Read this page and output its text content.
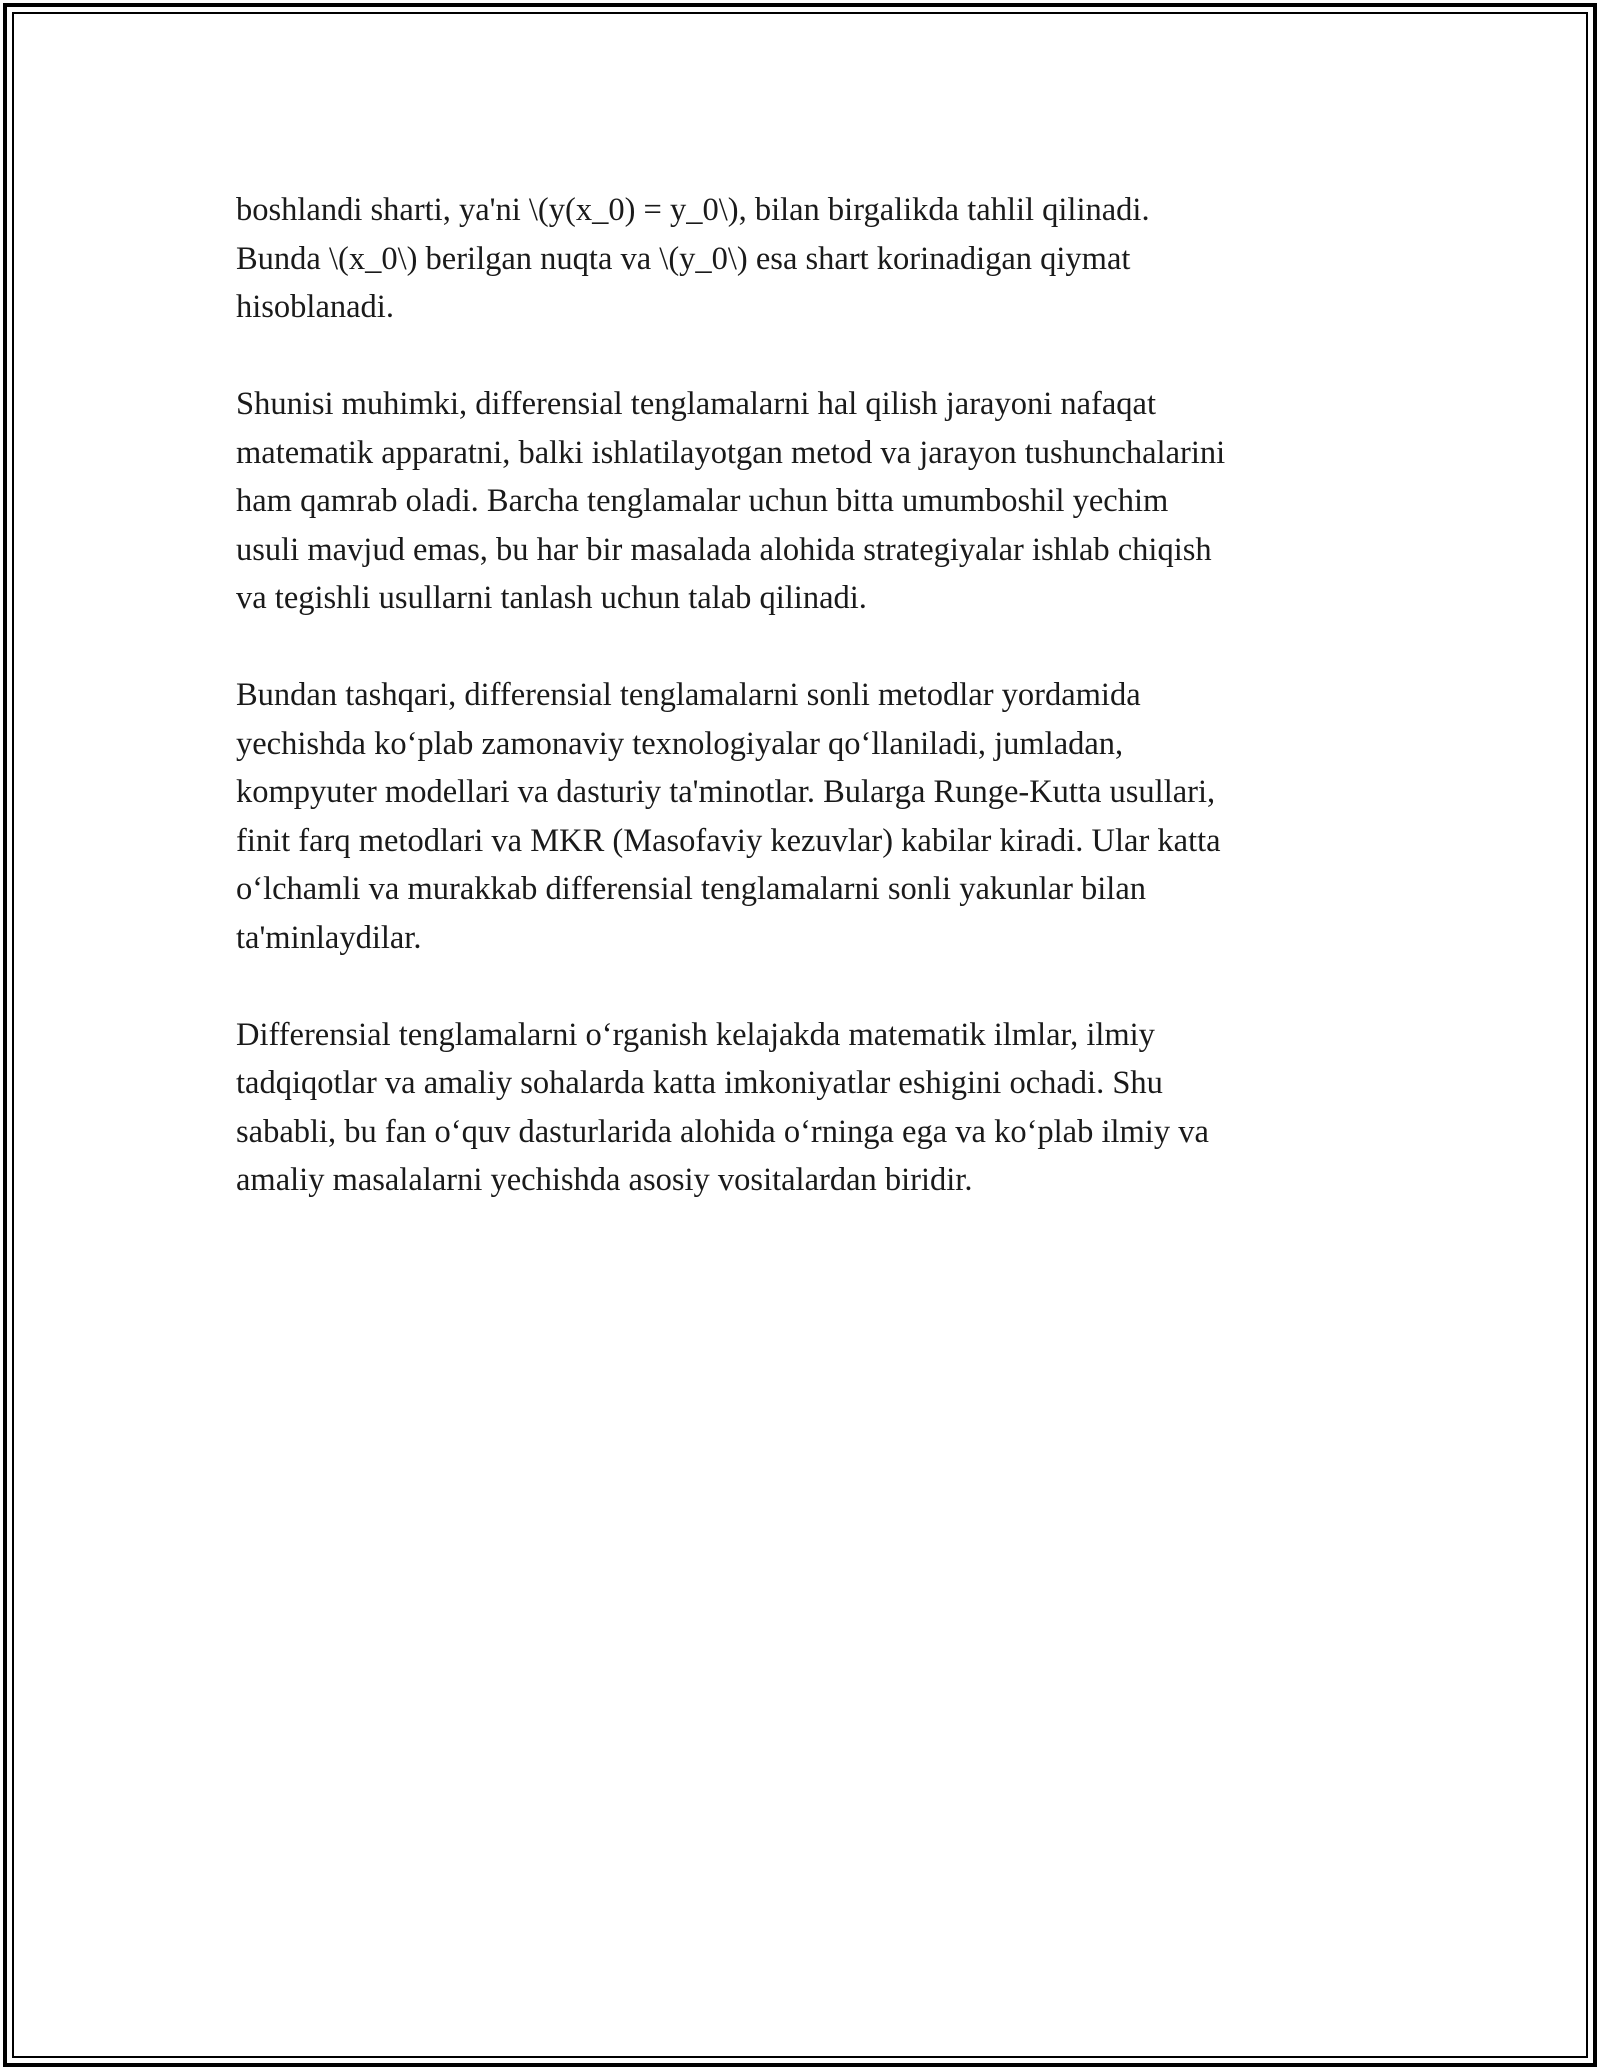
boshlandi sharti, ya'ni \(y(x_0) = y_0\), bilan birgalikda tahlil qilinadi.
Bunda \(x_0\) berilgan nuqta va \(y_0\) esa shart korinadigan qiymat
hisoblanadi.

Shunisi muhimki, differensial tenglamalarni hal qilish jarayoni nafaqat
matematik apparatni, balki ishlatilayotgan metod va jarayon tushunchalarini
ham qamrab oladi. Barcha tenglamalar uchun bitta umumboshil yechim
usuli mavjud emas, bu har bir masalada alohida strategiyalar ishlab chiqish
va tegishli usullarni tanlash uchun talab qilinadi.

Bundan tashqari, differensial tenglamalarni sonli metodlar yordamida
yechishda ko‘plab zamonaviy texnologiyalar qo‘llaniladi, jumladan,
kompyuter modellari va dasturiy ta'minotlar. Bularga Runge-Kutta usullari,
finit farq metodlari va MKR (Masofaviy kezuvlar) kabilar kiradi. Ular katta
o‘lchamli va murakkab differensial tenglamalarni sonli yakunlar bilan
ta'minlaydilar.

Differensial tenglamalarni o‘rganish kelajakda matematik ilmlar, ilmiy
tadqiqotlar va amaliy sohalarda katta imkoniyatlar eshigini ochadi. Shu
sababli, bu fan o‘quv dasturlarida alohida o‘rninga ega va ko‘plab ilmiy va
amaliy masalalarni yechishda asosiy vositalardan biridir.
